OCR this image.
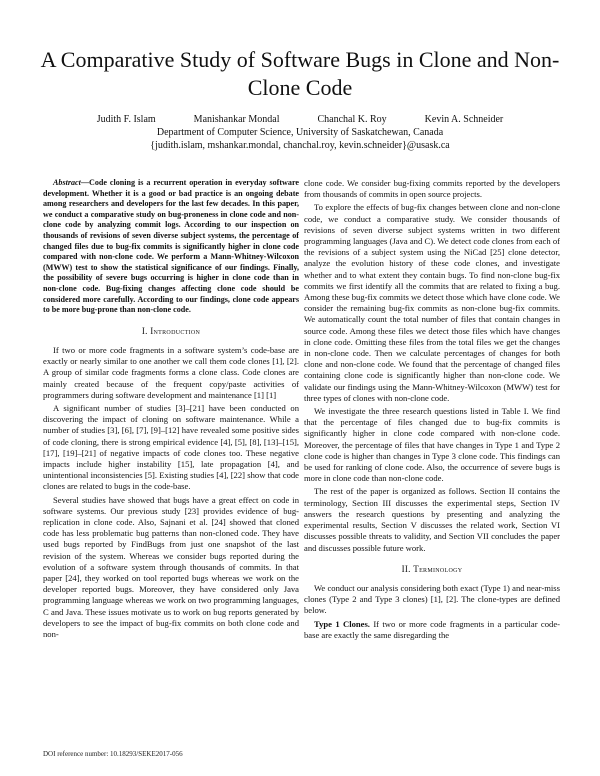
A Comparative Study of Software Bugs in Clone and Non-Clone Code
Judith F. Islam	Manishankar Mondal	Chanchal K. Roy	Kevin A. Schneider
Department of Computer Science, University of Saskatchewan, Canada
{judith.islam, mshankar.mondal, chanchal.roy, kevin.schneider}@usask.ca

Abstract—Code cloning is a recurrent operation in everyday software development. Whether it is a good or bad practice is an ongoing debate among researchers and developers for the last few decades. In this paper, we conduct a comparative study on bug-proneness in clone code and non-clone code by analyzing commit logs. According to our inspection on thousands of revisions of seven diverse subject systems, the percentage of changed files due to bug-fix commits is significantly higher in clone code compared with non-clone code. We perform a Mann-Whitney-Wilcoxon (MWW) test to show the statistical significance of our findings. Finally, the possibility of severe bugs occurring is higher in clone code than in non-clone code. Bug-fixing changes affecting clone code should be considered more carefully. According to our findings, clone code appears to be more bug-prone than non-clone code.

I. Introduction

If two or more code fragments in a software system’s code-base are exactly or nearly similar to one another we call them code clones [1], [2]. A group of similar code fragments forms a clone class. Code clones are mainly created because of the frequent copy/paste activities of programmers during software development and maintenance [1] [1]

A significant number of studies [3]–[21] have been conducted on discovering the impact of cloning on software maintenance. While a number of studies [3], [6], [7], [9]–[12] have revealed some positive sides of code cloning, there is strong empirical evidence [4], [5], [8], [13]–[15], [17], [19]–[21] of negative impacts of code clones too. These negative impacts include higher instability [15], late propagation [4], and unintentional inconsistencies [5]. Existing studies [4], [22] show that code clones are related to bugs in the code-base.

Several studies have showed that bugs have a great effect on code in software systems. Our previous study [23] provides evidence of bug-replication in clone code. Also, Sajnani et al. [24] showed that cloned code has less problematic bug patterns than non-cloned code. They have used bugs reported by FindBugs from just one snapshot of the last revision of the system. Whereas we consider bugs reported during the evolution of a software system through thousands of commits. In that paper [24], they worked on tool reported bugs whereas we work on the developer reported bugs. Moreover, they have considered only Java programming language whereas we work on two programming languages, C and Java. These issues motivate us to work on bug reports generated by developers to see the impact of bug-fix commits on both clone code and non-

clone code. We consider bug-fixing commits reported by the developers from thousands of commits in open source projects.

To explore the effects of bug-fix changes between clone and non-clone code, we conduct a comparative study. We consider thousands of revisions of seven diverse subject systems written in two different programming languages (Java and C). We detect code clones from each of the revisions of a subject system using the NiCad [25] clone detector, analyze the evolution history of these code clones, and investigate whether and to what extent they contain bugs. To find non-clone bug-fix commits we first identify all the commits that are related to fixing a bug. Among these bug-fix commits we detect those which have clone code. We consider the remaining bug-fix commits as non-clone bug-fix commits. We automatically count the total number of files that contain changes in source code. Among these files we detect those files which have changes in clone code. Omitting these files from the total files we get the changes in non-clone code. Then we calculate percentages of changes for both clone and non-clone code. We found that the percentage of changed files containing clone code is significantly higher than non-clone code. We validate our findings using the Mann-Whitney-Wilcoxon (MWW) test for three types of clones with non-clone code.

We investigate the three research questions listed in Table I. We find that the percentage of files changed due to bug-fix commits is significantly higher in clone code compared with non-clone code. Moreover, the percentage of files that have changes in Type 1 and Type 2 clone code is higher than changes in Type 3 clone code. This findings can be used for ranking of clone code. Also, the occurrence of severe bugs is more in clone code than non-clone code.

The rest of the paper is organized as follows. Section II contains the terminology, Section III discusses the experimental steps, Section IV answers the research questions by presenting and analyzing the experimental results, Section V discusses the related work, Section VI discusses possible threats to validity, and Section VII concludes the paper and discusses possible future work.

II. Terminology

We conduct our analysis considering both exact (Type 1) and near-miss clones (Type 2 and Type 3 clones) [1], [2]. The clone-types are defined below.

Type 1 Clones. If two or more code fragments in a particular code-base are exactly the same disregarding the

DOI reference number: 10.18293/SEKE2017-056
